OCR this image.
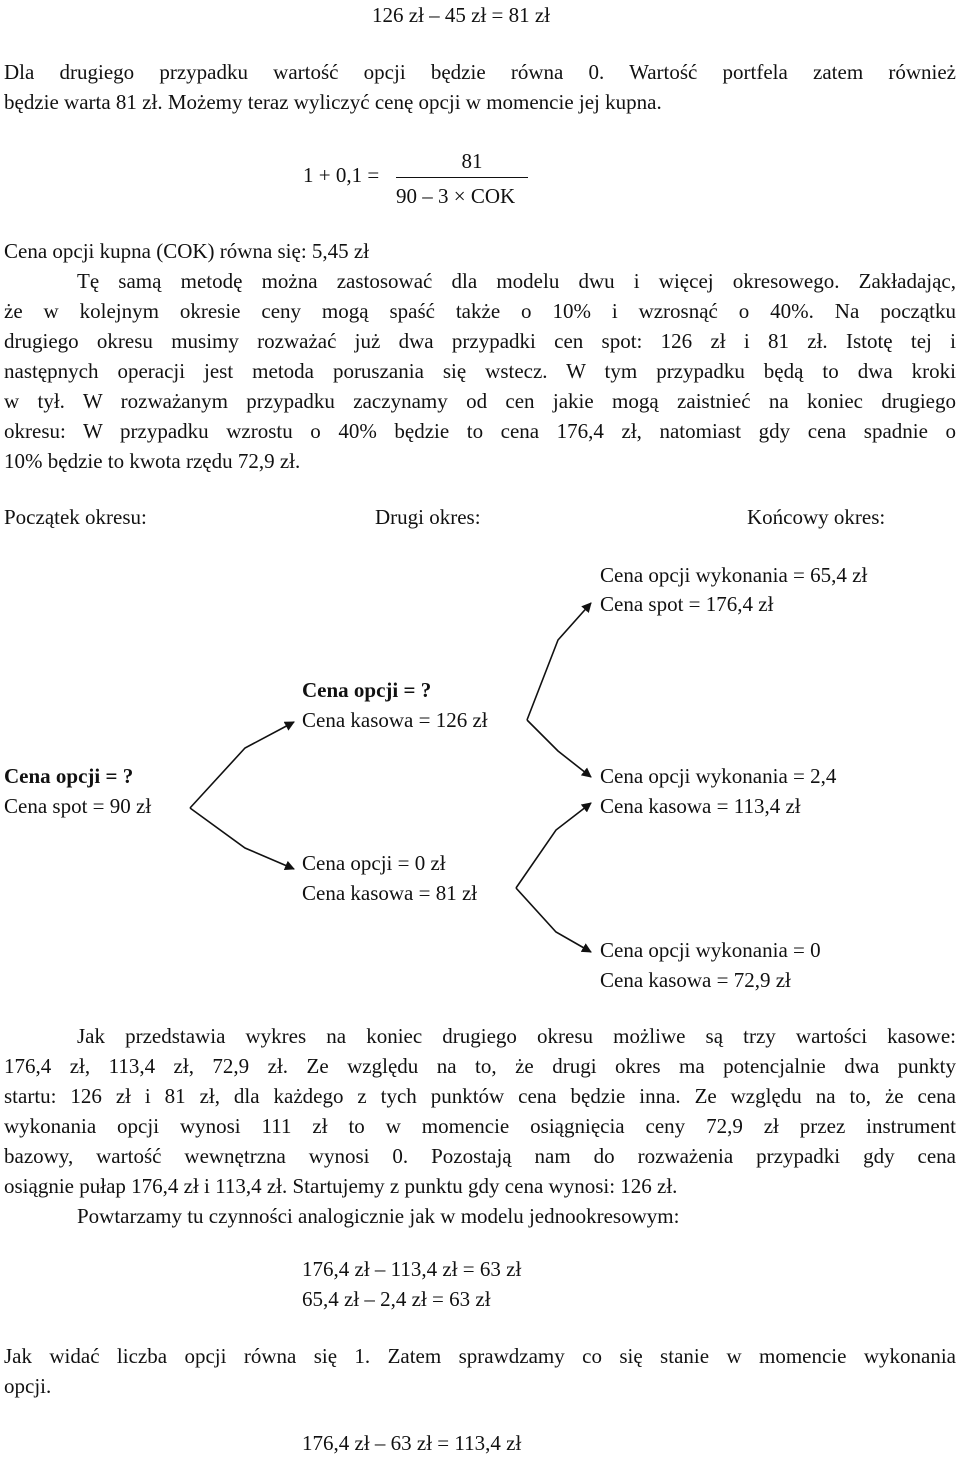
126 zł – 45 zł = 81 zł
Dla drugiego przypadku wartość opcji będzie równa 0. Wartość portfela zatem również
będzie warta 81 zł. Możemy teraz wyliczyć cenę opcji w momencie jej kupna.
1 + 0,1 =
81
90 – 3 × COK
Cena opcji kupna (COK) równa się: 5,45 zł
Tę samą metodę można zastosować dla modelu dwu i więcej okresowego. Zakładając,
że w kolejnym okresie ceny mogą spaść także o 10% i wzrosnąć o 40%. Na początku
drugiego okresu musimy rozważać już dwa przypadki cen spot: 126 zł i 81 zł. Istotę tej i
następnych operacji jest metoda poruszania się wstecz. W tym przypadku będą to dwa kroki
w tył. W rozważanym przypadku zaczynamy od cen jakie mogą zaistnieć na koniec drugiego
okresu: W przypadku wzrostu o 40% będzie to cena 176,4 zł, natomiast gdy cena spadnie o
10% będzie to kwota rzędu 72,9 zł.
Początek okresu:	Drugi okres:	Końcowy okres:
Cena opcji wykonania = 65,4 zł
Cena spot = 176,4 zł
Cena opcji = ?
Cena kasowa = 126 zł
Cena opcji = ?
Cena spot = 90 zł
Cena opcji wykonania = 2,4
Cena kasowa = 113,4 zł
Cena opcji = 0 zł
Cena kasowa = 81 zł
Cena opcji wykonania = 0
Cena kasowa = 72,9 zł
Jak przedstawia wykres na koniec drugiego okresu możliwe są trzy wartości kasowe:
176,4 zł, 113,4 zł, 72,9 zł. Ze względu na to, że drugi okres ma potencjalnie dwa punkty
startu: 126 zł i 81 zł, dla każdego z tych punktów cena będzie inna. Ze względu na to, że cena
wykonania opcji wynosi 111 zł to w momencie osiągnięcia ceny 72,9 zł przez instrument
bazowy, wartość wewnętrzna wynosi 0. Pozostają nam do rozważenia przypadki gdy cena
osiągnie pułap 176,4 zł i 113,4 zł. Startujemy z punktu gdy cena wynosi: 126 zł.
Powtarzamy tu czynności analogicznie jak w modelu jednookresowym:
176,4 zł – 113,4 zł = 63 zł
65,4 zł – 2,4 zł = 63 zł
Jak widać liczba opcji równa się 1. Zatem sprawdzamy co się stanie w momencie wykonania
opcji.
176,4 zł – 63 zł = 113,4 zł
